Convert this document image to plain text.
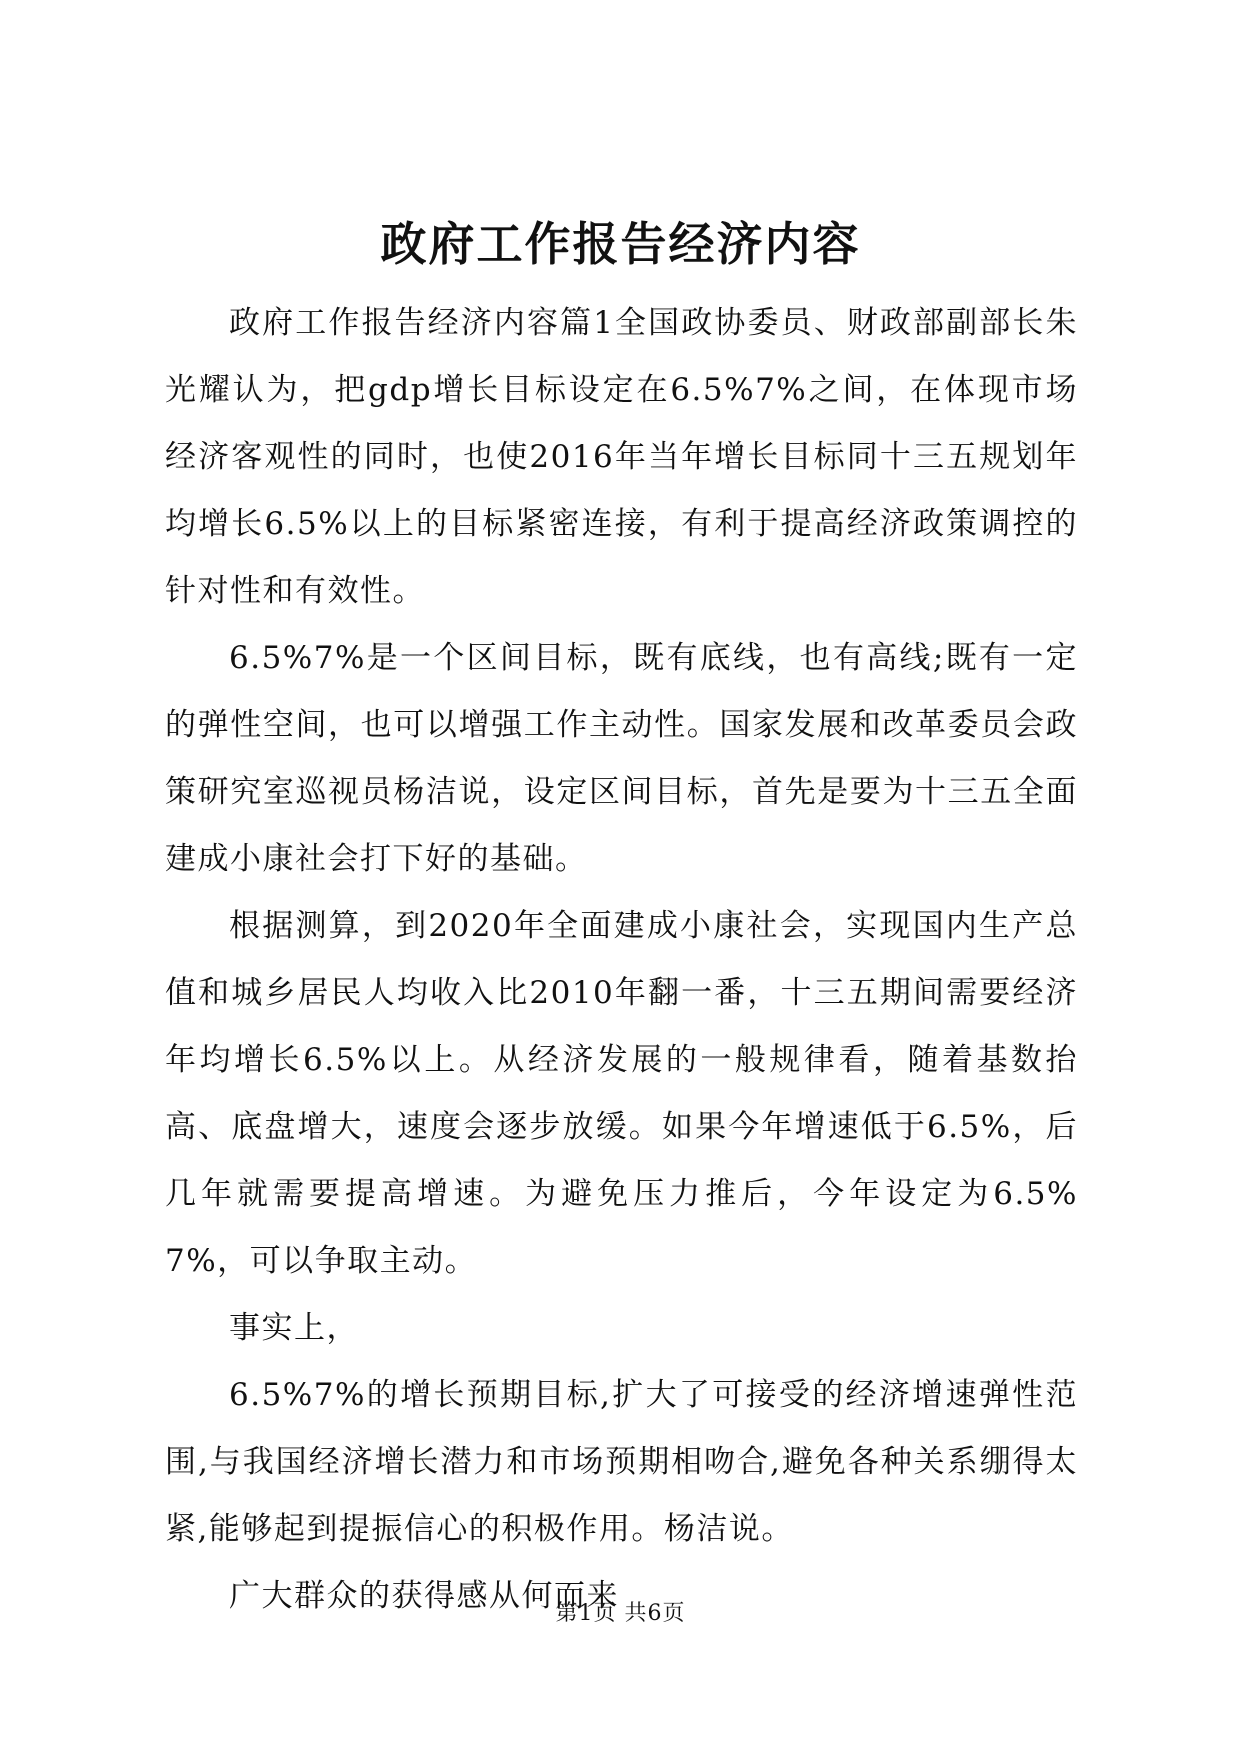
政府工作报告经济内容

政府工作报告经济内容篇1全国政协委员、财政部副部长朱光耀认为，把gdp增长目标设定在6.5%7%之间，在体现市场经济客观性的同时，也使2016年当年增长目标同十三五规划年均增长6.5%以上的目标紧密连接，有利于提高经济政策调控的针对性和有效性。

6.5%7%是一个区间目标，既有底线，也有高线;既有一定的弹性空间，也可以增强工作主动性。国家发展和改革委员会政策研究室巡视员杨洁说，设定区间目标，首先是要为十三五全面建成小康社会打下好的基础。

根据测算，到2020年全面建成小康社会，实现国内生产总值和城乡居民人均收入比2010年翻一番，十三五期间需要经济年均增长6.5%以上。从经济发展的一般规律看，随着基数抬高、底盘增大，速度会逐步放缓。如果今年增速低于6.5%，后几年就需要提高增速。为避免压力推后，今年设定为6.5%7%，可以争取主动。

事实上，

6.5%7%的增长预期目标,扩大了可接受的经济增速弹性范围,与我国经济增长潜力和市场预期相吻合,避免各种关系绷得太紧,能够起到提振信心的积极作用。杨洁说。

广大群众的获得感从何而来

第1页 共6页
